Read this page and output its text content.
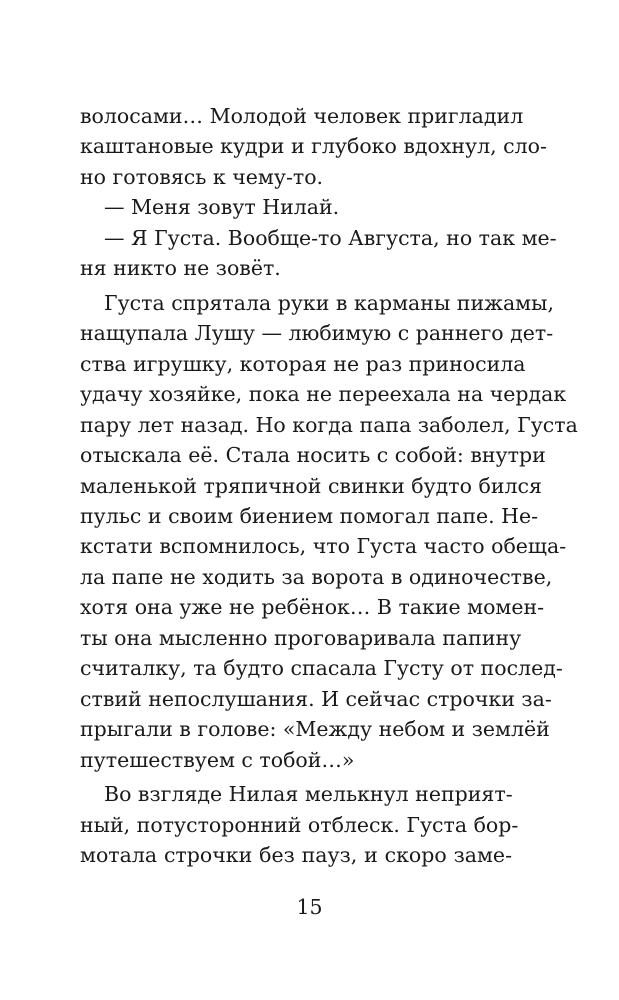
волосами… Молодой человек пригладил
каштановые кудри и глубоко вдохнул, сло-
но готовясь к чему-то.
— Меня зовут Нилай.
— Я Густа. Вообще-то Августа, но так ме-
ня никто не зовёт.
Густа спрятала руки в карманы пижамы,
нащупала Лушу — любимую с раннего дет-
ства игрушку, которая не раз приносила
удачу хозяйке, пока не переехала на чердак
пару лет назад. Но когда папа заболел, Густа
отыскала её. Стала носить с собой: внутри
маленькой тряпичной свинки будто бился
пульс и своим биением помогал папе. Не-
кстати вспомнилось, что Густа часто обеща-
ла папе не ходить за ворота в одиночестве,
хотя она уже не ребёнок… В такие момен-
ты она мысленно проговаривала папину
считалку, та будто спасала Густу от послед-
ствий непослушания. И сейчас строчки за-
прыгали в голове: «Между небом и землёй
путешествуем с тобой…»
Во взгляде Нилая мелькнул неприят-
ный, потусторонний отблеск. Густа бор-
мотала строчки без пауз, и скоро заме-
15
